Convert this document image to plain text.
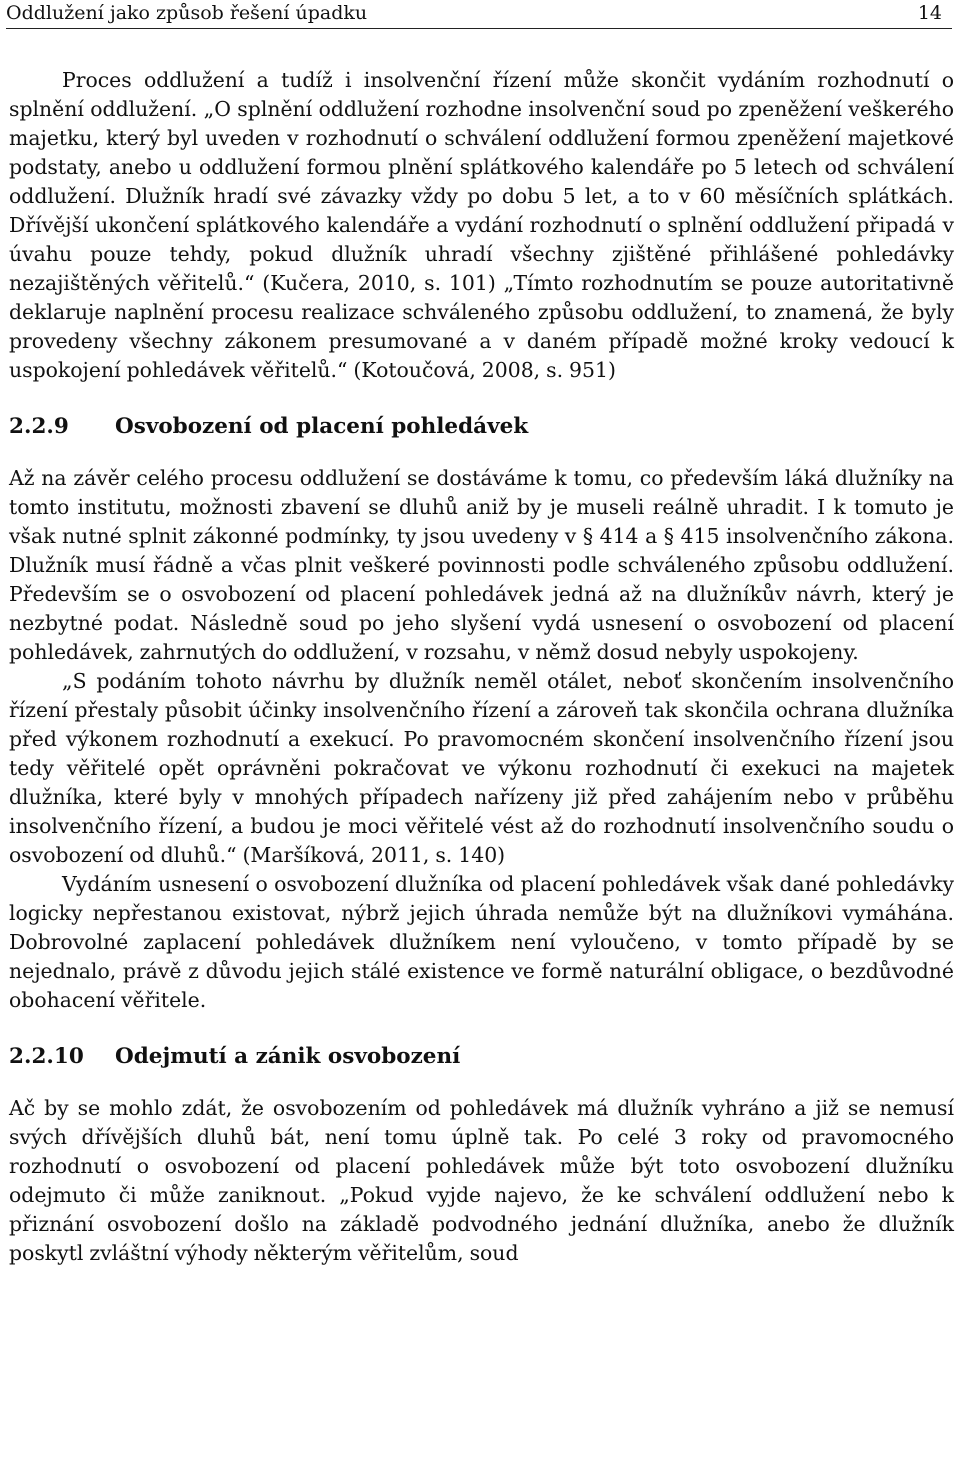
Oddlužení jako způsob řešení úpadku	14

Proces oddlužení a tudíž i insolvenční řízení může skončit vydáním rozhodnutí o splnění oddlužení. „O splnění oddlužení rozhodne insolvenční soud po zpeněžení veškerého majetku, který byl uveden v rozhodnutí o schválení oddlužení formou zpeněžení majetkové podstaty, anebo u oddlužení formou plnění splátkového kalendáře po 5 letech od schválení oddlužení. Dlužník hradí své závazky vždy po dobu 5 let, a to v 60 měsíčních splátkách. Dřívější ukončení splátkového kalendáře a vydání rozhodnutí o splnění oddlužení připadá v úvahu pouze tehdy, pokud dlužník uhradí všechny zjištěné přihlášené pohledávky nezajištěných věřitelů.“ (Kučera, 2010, s. 101) „Tímto rozhodnutím se pouze autoritativně deklaruje naplnění procesu realizace schváleného způsobu oddlužení, to znamená, že byly provedeny všechny zákonem presumované a v daném případě možné kroky vedoucí k uspokojení pohledávek věřitelů.“ (Kotoučová, 2008, s. 951)

2.2.9 Osvobození od placení pohledávek

Až na závěr celého procesu oddlužení se dostáváme k tomu, co především láká dlužníky na tomto institutu, možnosti zbavení se dluhů aniž by je museli reálně uhradit. I k tomuto je však nutné splnit zákonné podmínky, ty jsou uvedeny v § 414 a § 415 insolvenčního zákona. Dlužník musí řádně a včas plnit veškeré povinnosti podle schváleného způsobu oddlužení. Především se o osvobození od placení pohledávek jedná až na dlužníkův návrh, který je nezbytné podat. Následně soud po jeho slyšení vydá usnesení o osvobození od placení pohledávek, zahrnutých do oddlužení, v rozsahu, v němž dosud nebyly uspokojeny.

„S podáním tohoto návrhu by dlužník neměl otálet, neboť skončením insolvenčního řízení přestaly působit účinky insolvenčního řízení a zároveň tak skončila ochrana dlužníka před výkonem rozhodnutí a exekucí. Po pravomocném skončení insolvenčního řízení jsou tedy věřitelé opět oprávněni pokračovat ve výkonu rozhodnutí či exekuci na majetek dlužníka, které byly v mnohých případech nařízeny již před zahájením nebo v průběhu insolvenčního řízení, a budou je moci věřitelé vést až do rozhodnutí insolvenčního soudu o osvobození od dluhů.“ (Maršíková, 2011, s. 140)

Vydáním usnesení o osvobození dlužníka od placení pohledávek však dané pohledávky logicky nepřestanou existovat, nýbrž jejich úhrada nemůže být na dlužníkovi vymáhána. Dobrovolné zaplacení pohledávek dlužníkem není vyloučeno, v tomto případě by se nejednalo, právě z důvodu jejich stálé existence ve formě naturální obligace, o bezdůvodné obohacení věřitele.

2.2.10 Odejmutí a zánik osvobození

Ač by se mohlo zdát, že osvobozením od pohledávek má dlužník vyhráno a již se nemusí svých dřívějších dluhů bát, není tomu úplně tak. Po celé 3 roky od pravomocného rozhodnutí o osvobození od placení pohledávek může být toto osvobození dlužníku odejmuto či může zaniknout. „Pokud vyjde najevo, že ke schválení oddlužení nebo k přiznání osvobození došlo na základě podvodného jednání dlužníka, anebo že dlužník poskytl zvláštní výhody některým věřitelům, soud
